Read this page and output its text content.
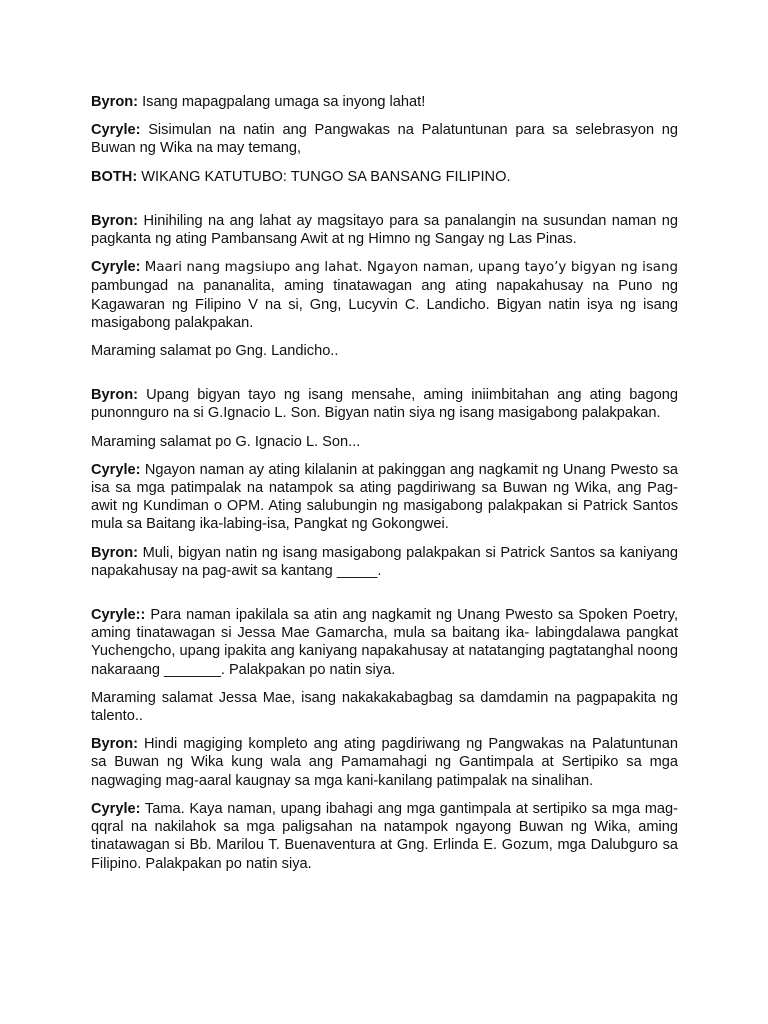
Byron: Isang mapagpalang umaga sa inyong lahat!

Cyryle: Sisimulan na natin ang Pangwakas na Palatuntunan para sa selebrasyon ng Buwan ng Wika na may temang,

BOTH: WIKANG KATUTUBO: TUNGO SA BANSANG FILIPINO.

Byron: Hinihiling na ang lahat ay magsitayo para sa panalangin na susundan naman ng pagkanta ng ating Pambansang Awit at ng Himno ng Sangay ng Las Pinas.

Cyryle: Maari nang magsiupo ang lahat. Ngayon naman, upang tayo’y bigyan ng isang pambungad na pananalita, aming tinatawagan ang ating napakahusay na Puno ng Kagawaran ng Filipino V na si, Gng, Lucyvin C. Landicho. Bigyan natin isya ng isang masigabong palakpakan.

Maraming salamat po Gng. Landicho..

Byron: Upang bigyan tayo ng isang mensahe, aming iniimbitahan ang ating bagong punonnguro na si G.Ignacio L. Son. Bigyan natin siya ng isang masigabong palakpakan.

Maraming salamat po G. Ignacio L. Son...

Cyryle: Ngayon naman ay ating kilalanin at pakinggan ang nagkamit ng Unang Pwesto sa isa sa mga patimpalak na natampok sa ating pagdiriwang sa Buwan ng Wika, ang Pag-awit ng Kundiman o OPM. Ating salubungin ng masigabong palakpakan si Patrick Santos mula sa Baitang ika-labing-isa, Pangkat ng Gokongwei.

Byron: Muli, bigyan natin ng isang masigabong palakpakan si Patrick Santos sa kaniyang napakahusay na pag-awit sa kantang _____.

Cyryle:: Para naman ipakilala sa atin ang nagkamit ng Unang Pwesto sa Spoken Poetry, aming tinatawagan si Jessa Mae Gamarcha, mula sa baitang ika- labingdalawa pangkat Yuchengcho, upang ipakita ang kaniyang napakahusay at natatanging pagtatanghal noong nakaraang _______. Palakpakan po natin siya.

Maraming salamat Jessa Mae, isang nakakakabagbag sa damdamin na pagpapakita ng talento..

Byron: Hindi magiging kompleto ang ating pagdiriwang ng Pangwakas na Palatuntunan sa Buwan ng Wika kung wala ang Pamamahagi ng Gantimpala at Sertipiko sa mga nagwaging mag-aaral kaugnay sa mga kani-kanilang patimpalak na sinalihan.

Cyryle: Tama. Kaya naman, upang ibahagi ang mga gantimpala at sertipiko sa mga mag-qqral na nakilahok sa mga paligsahan na natampok ngayong Buwan ng Wika, aming tinatawagan si Bb. Marilou T. Buenaventura at Gng. Erlinda E. Gozum, mga Dalubguro sa Filipino. Palakpakan po natin siya.
